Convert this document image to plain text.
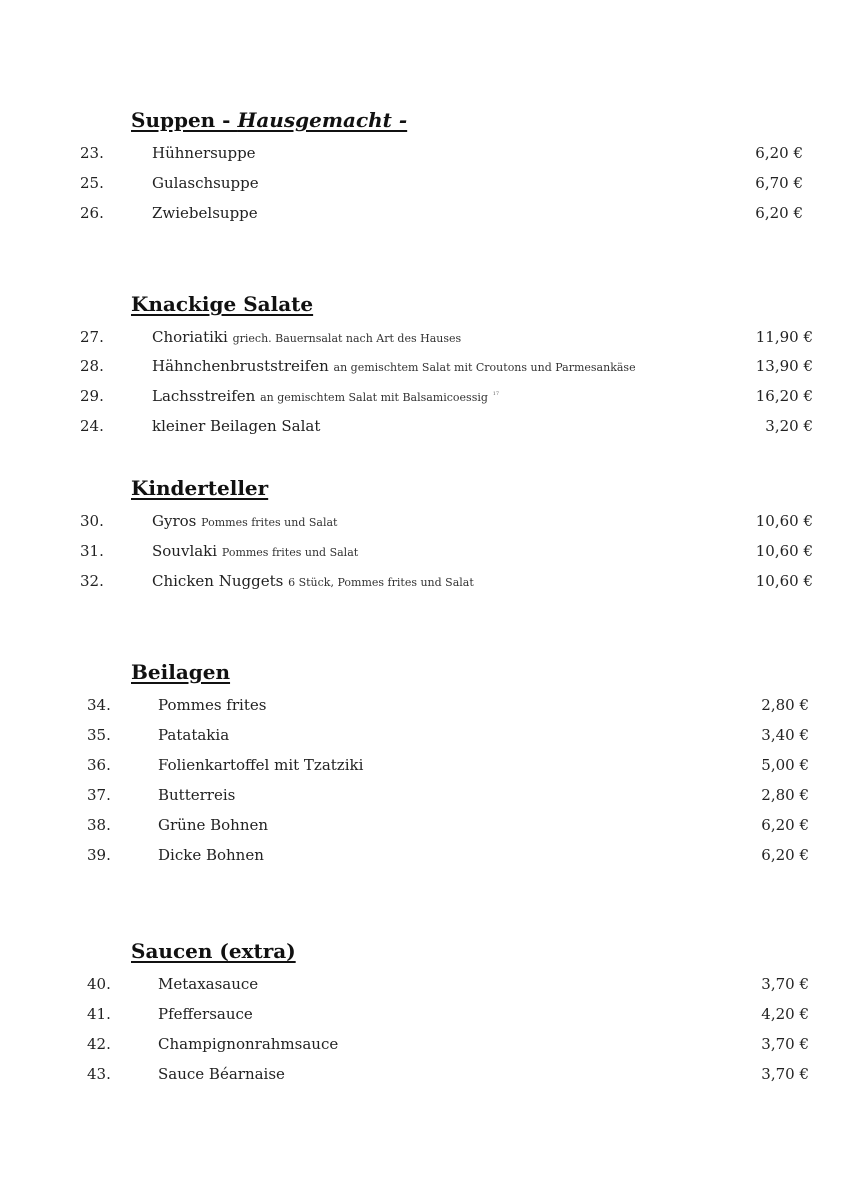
Suppen - Hausgemacht -
23.	Hühnersuppe	6,20 €
25.	Gulaschsuppe	6,70 €
26.	Zwiebelsuppe	6,20 €
Knackige Salate
27.	Choriatiki griech. Bauernsalat nach Art des Hauses	11,90 €
28.	Hähnchenbruststreifen an gemischtem Salat mit Croutons und Parmesankäse	13,90 €
29.	Lachsstreifen an gemischtem Salat mit Balsamicoessig $^{17}$	16,20 €
24.	kleiner Beilagen Salat	3,20 €
Kinderteller
30.	Gyros Pommes frites und Salat	10,60 €
31.	Souvlaki Pommes frites und Salat	10,60 €
32.	Chicken Nuggets 6 Stück, Pommes frites und Salat	10,60 €
Beilagen
34.	Pommes frites	2,80 €
35.	Patatakia	3,40 €
36.	Folienkartoffel mit Tzatziki	5,00 €
37.	Butterreis	2,80 €
38.	Grüne Bohnen	6,20 €
39.	Dicke Bohnen	6,20 €
Saucen (extra)
40.	Metaxasauce	3,70 €
41.	Pfeffersauce	4,20 €
42.	Champignonrahmsauce	3,70 €
43.	Sauce Béarnaise	3,70 €
